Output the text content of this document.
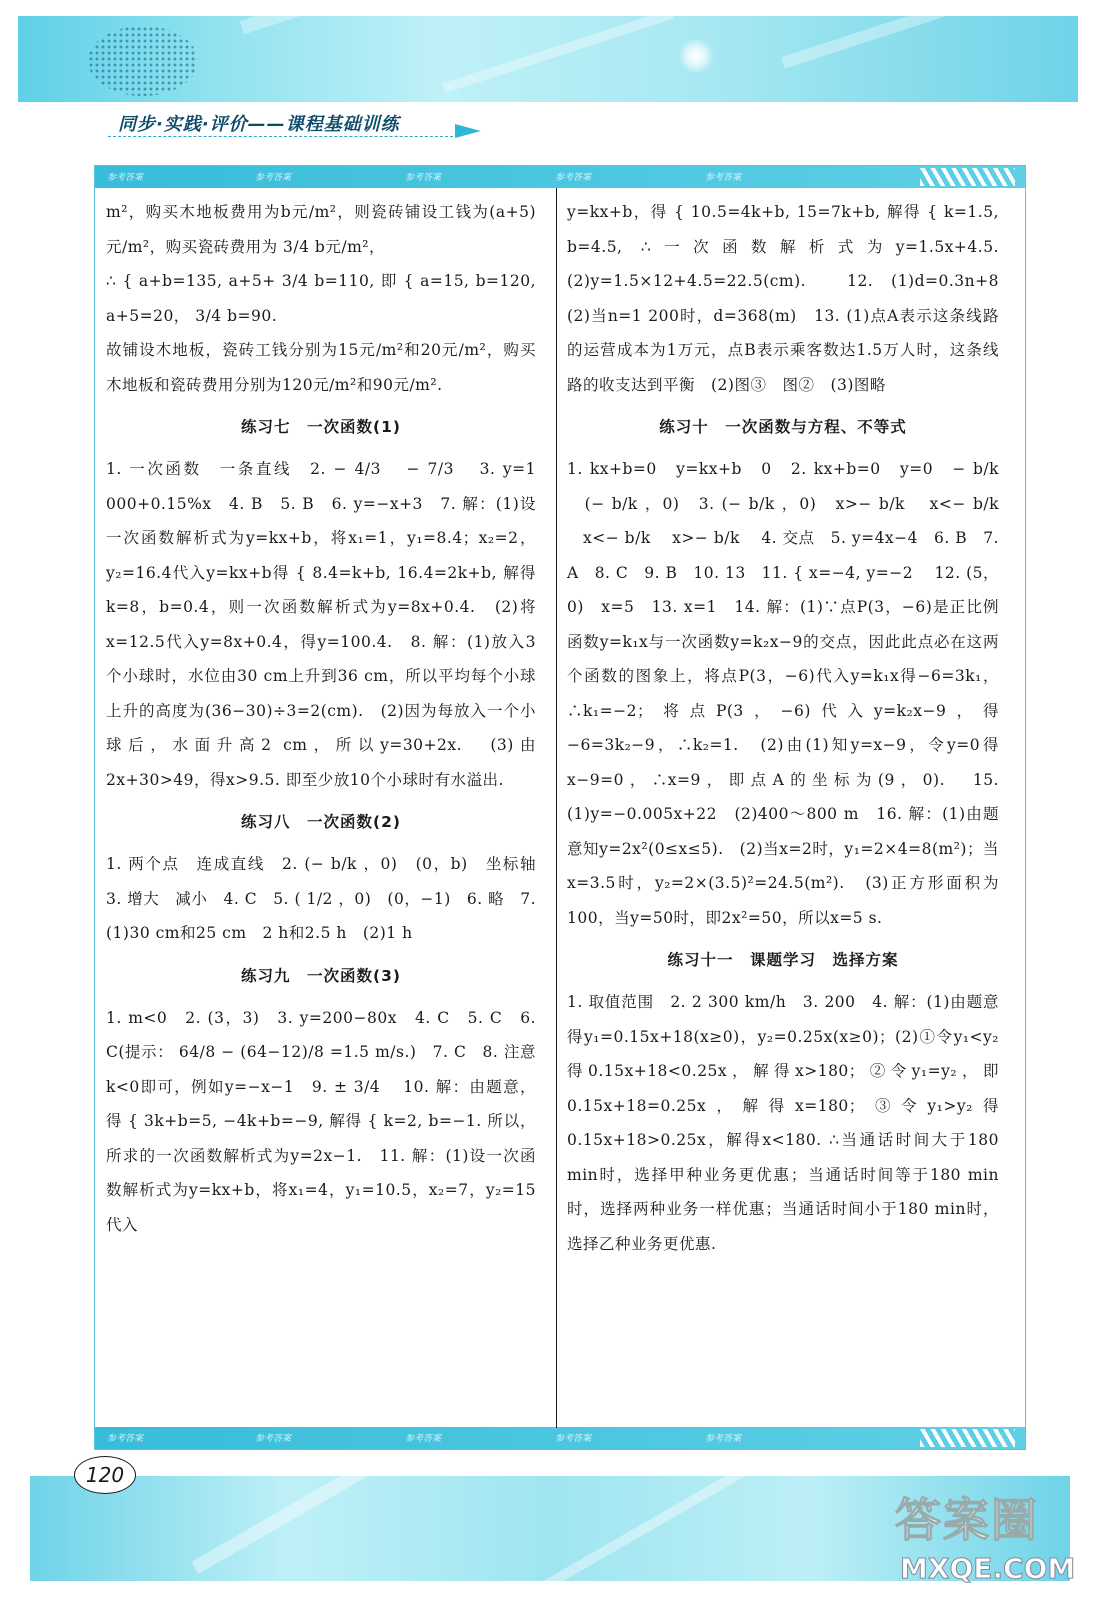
同步·实践·评价——课程基础训练
参考答案	参考答案	参考答案	参考答案	参考答案
参考答案	参考答案	参考答案	参考答案	参考答案

m²，购买木地板费用为b元/m²，则瓷砖铺设工钱为(a+5)元/m²，购买瓷砖费用为 3/4 b元/m²，

∴ { a+b=135, a+5+ 3/4 b=110, 即 { a=15, b=120, a+5=20， 3/4 b=90.

故铺设木地板，瓷砖工钱分别为15元/m²和20元/m²，购买木地板和瓷砖费用分别为120元/m²和90元/m².

练习七　一次函数(1)

1. 一次函数　一条直线　2. − 4/3 　− 7/3 　3. y=1 000+0.15%x　4. B　5. B　6. y=−x+3　7. 解：(1)设一次函数解析式为y=kx+b，将x₁=1，y₁=8.4；x₂=2，y₂=16.4代入y=kx+b得 { 8.4=k+b, 16.4=2k+b, 解得k=8，b=0.4，则一次函数解析式为y=8x+0.4.　(2)将x=12.5代入y=8x+0.4，得y=100.4.　8. 解：(1)放入3个小球时，水位由30 cm上升到36 cm，所以平均每个小球上升的高度为(36−30)÷3=2(cm).　(2)因为每放入一个小球后，水面升高2 cm，所以y=30+2x.　(3)由2x+30>49，得x>9.5. 即至少放10个小球时有水溢出.

练习八　一次函数(2)

1. 两个点　连成直线　2. (− b/k ，0)　(0，b)　坐标轴　3. 增大　减小　4. C　5. ( 1/2 ，0)　(0，−1)　6. 略　7. (1)30 cm和25 cm　2 h和2.5 h　(2)1 h

练习九　一次函数(3)

1. m<0　2. (3，3)　3. y=200−80x　4. C　5. C　6. C(提示： 64/8 − (64−12)/8 =1.5 m/s.)　7. C　8. 注意k<0即可，例如y=−x−1　9. ± 3/4 　10. 解：由题意，得 { 3k+b=5, −4k+b=−9, 解得 { k=2, b=−1. 所以，所求的一次函数解析式为y=2x−1.　11. 解：(1)设一次函数解析式为y=kx+b，将x₁=4，y₁=10.5，x₂=7，y₂=15代入

y=kx+b，得 { 10.5=4k+b, 15=7k+b, 解得 { k=1.5, b=4.5, ∴一次函数解析式为y=1.5x+4.5.　(2)y=1.5×12+4.5=22.5(cm).　12. (1)d=0.3n+8　(2)当n=1 200时，d=368(m)　13. (1)点A表示这条线路的运营成本为1万元，点B表示乘客数达1.5万人时，这条线路的收支达到平衡　(2)图③　图②　(3)图略

练习十　一次函数与方程、不等式

1. kx+b=0　y=kx+b　0　2. kx+b=0　y=0　− b/k 　(− b/k ，0)　3. (− b/k ，0)　x>− b/k 　x<− b/k 　x<− b/k 　x>− b/k 　4. 交点　5. y=4x−4　6. B　7. A　8. C　9. B　10. 13　11. { x=−4, y=−2 　12. (5，0)　x=5　13. x=1　14. 解：(1)∵点P(3，−6)是正比例函数y=k₁x与一次函数y=k₂x−9的交点，因此此点必在这两个函数的图象上，将点P(3，−6)代入y=k₁x得−6=3k₁，∴k₁=−2；将点P(3，−6)代入y=k₂x−9，得−6=3k₂−9，∴k₂=1.　(2)由(1)知y=x−9，令y=0得x−9=0，∴x=9，即点A的坐标为(9，0).　15. (1)y=−0.005x+22　(2)400～800 m　16. 解：(1)由题意知y=2x²(0≤x≤5).　(2)当x=2时，y₁=2×4=8(m²)；当x=3.5时，y₂=2×(3.5)²=24.5(m²).　(3)正方形面积为100，当y=50时，即2x²=50，所以x=5 s.

练习十一　课题学习　选择方案

1. 取值范围　2. 2 300 km/h　3. 200　4. 解：(1)由题意得y₁=0.15x+18(x≥0)，y₂=0.25x(x≥0)；(2)①令y₁<y₂得0.15x+18<0.25x，解得x>180；②令y₁=y₂，即0.15x+18=0.25x，解得x=180；③令y₁>y₂得0.15x+18>0.25x，解得x<180. ∴当通话时间大于180 min时，选择甲种业务更优惠；当通话时间等于180 min时，选择两种业务一样优惠；当通话时间小于180 min时，选择乙种业务更优惠.

120
答案圈
MXQE.COM
